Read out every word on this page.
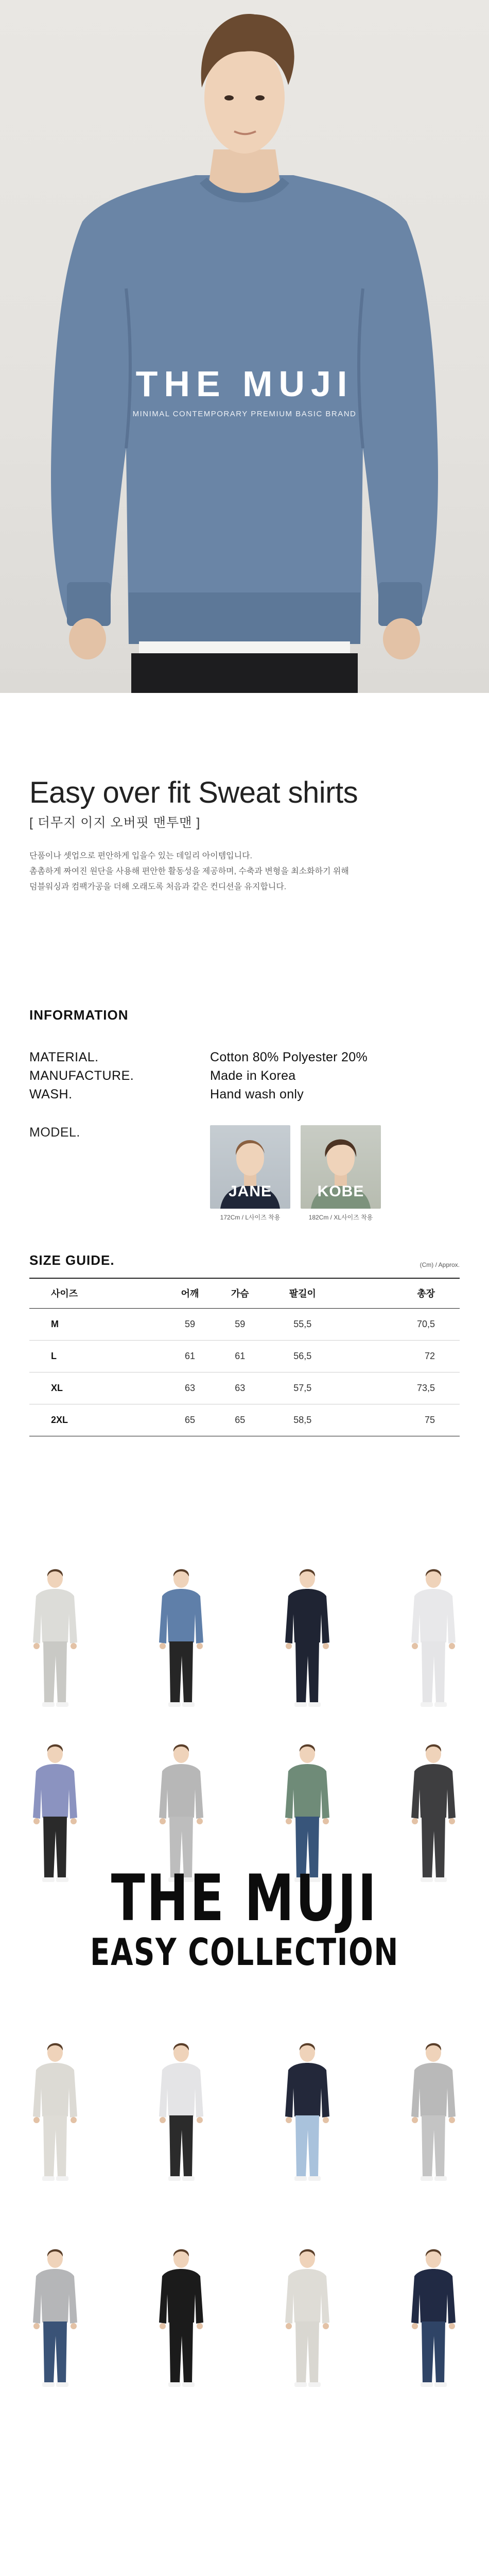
THE MUJI
MINIMAL CONTEMPORARY PREMIUM BASIC BRAND
Easy over fit Sweat shirts
[ 더무지 이지 오버핏 맨투맨 ]
단품이나 셋업으로 편안하게 입을수 있는 데일리 아이템입니다.
촘촘하게 짜여진 원단을 사용해 편안한 활동성을 제공하며, 수축과 변형을 최소화하기 위해
덤블워싱과 컴팩가공을 더해 오래도록 처음과 같은 컨디션을 유지합니다.
INFORMATION
MATERIAL.	Cotton 80% Polyester 20%
MANUFACTURE.	Made in Korea
WASH.	Hand wash only
MODEL.
JANE
172Cm / L사이즈 착용
KOBE
182Cm / XL사이즈 착용
SIZE GUIDE.	(Cm) / Approx.
사이즈	어깨	가슴	팔길이	총장
M	59	59	55,5	70,5
L	61	61	56,5	72
XL	63	63	57,5	73,5
2XL	65	65	58,5	75
THE MUJI
EASY COLLECTION
